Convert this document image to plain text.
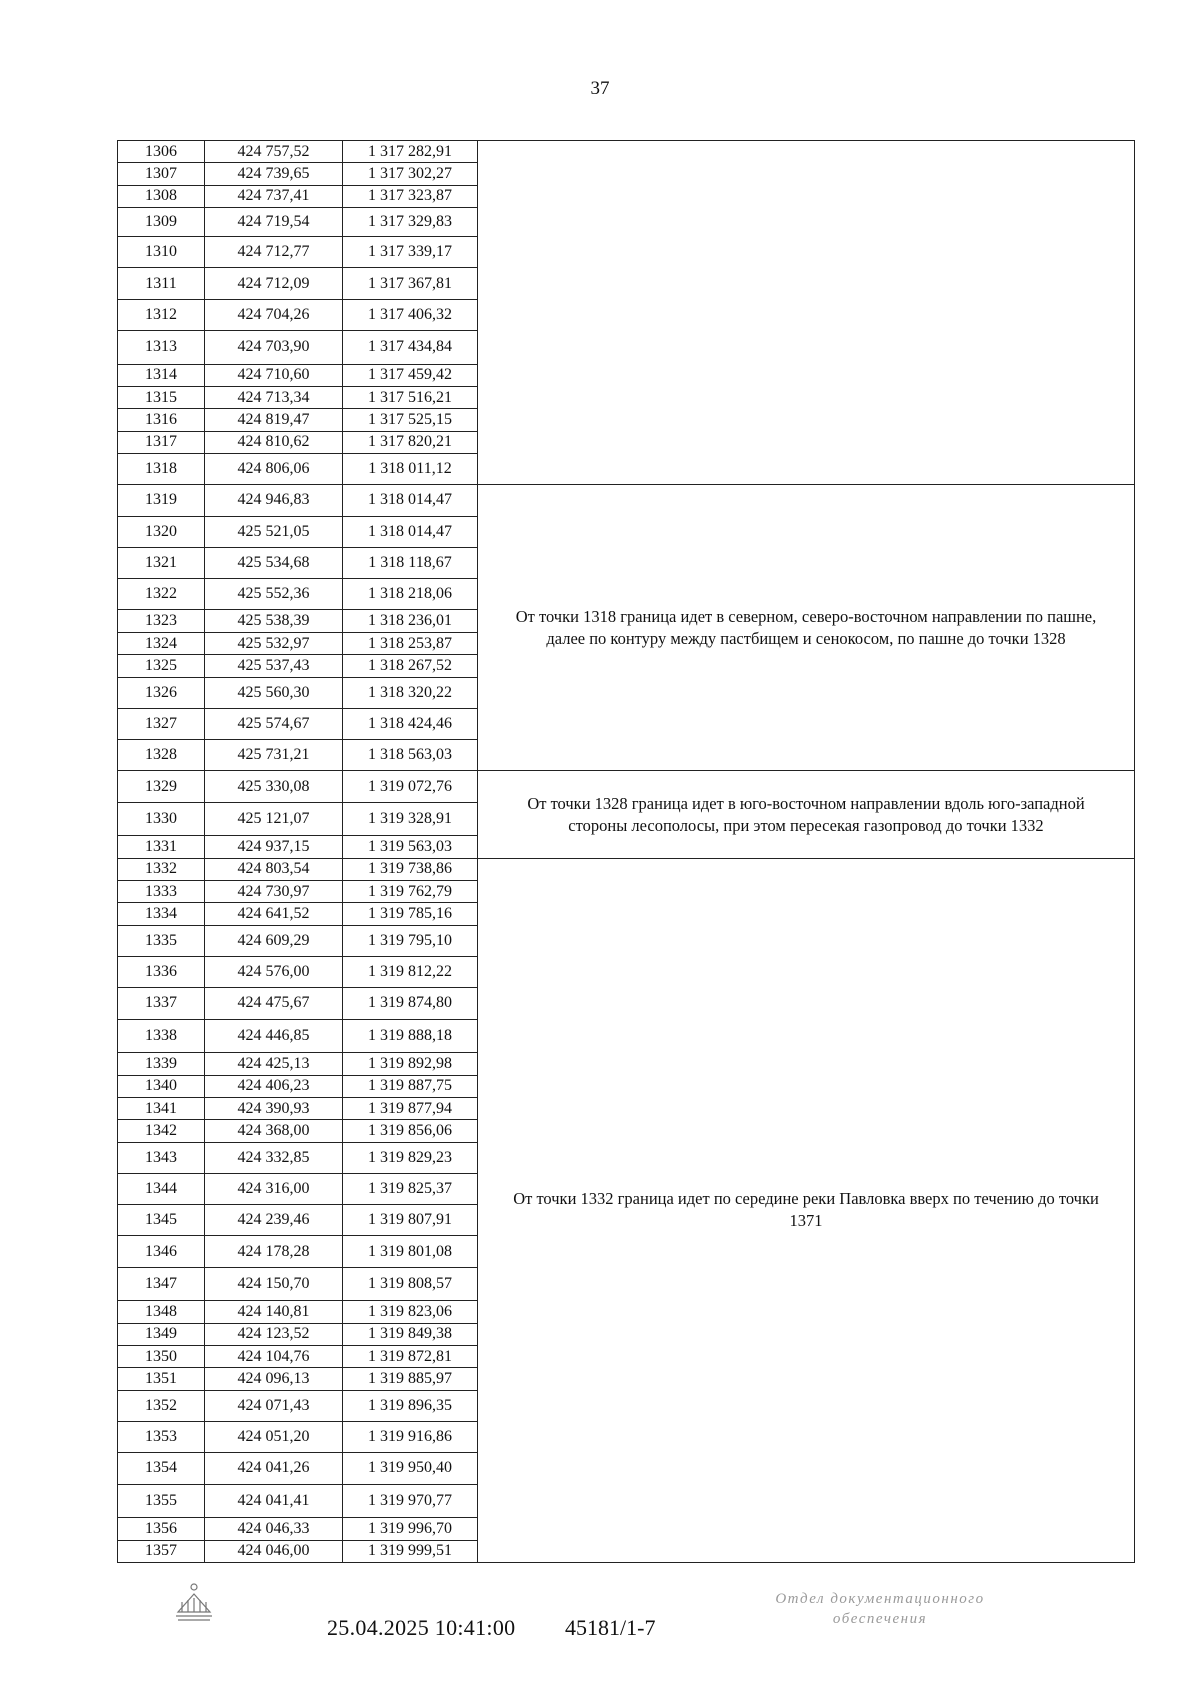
37
1306	424 757,52	1 317 282,91	

1307	424 739,65	1 317 302,27	
1308	424 737,41	1 317 323,87	
1309	424 719,54	1 317 329,83	
1310	424 712,77	1 317 339,17	
1311	424 712,09	1 317 367,81	
1312	424 704,26	1 317 406,32	
1313	424 703,90	1 317 434,84	
1314	424 710,60	1 317 459,42	
1315	424 713,34	1 317 516,21	
1316	424 819,47	1 317 525,15	
1317	424 810,62	1 317 820,21	
1318	424 806,06	1 318 011,12	
1319	424 946,83	1 318 014,47	От точки 1318 граница идет в северном, северо-восточном направлении по пашне, далее по контуру между пастбищем и сенокосом, по пашне до точки 1328

1320	425 521,05	1 318 014,47	
1321	425 534,68	1 318 118,67	
1322	425 552,36	1 318 218,06	
1323	425 538,39	1 318 236,01	
1324	425 532,97	1 318 253,87	
1325	425 537,43	1 318 267,52	
1326	425 560,30	1 318 320,22	
1327	425 574,67	1 318 424,46	
1328	425 731,21	1 318 563,03	
1329	425 330,08	1 319 072,76	От точки 1328 граница идет в юго-восточном направлении вдоль юго-западной стороны лесополосы, при этом пересекая газопровод до точки 1332

1330	425 121,07	1 319 328,91	
1331	424 937,15	1 319 563,03	
1332	424 803,54	1 319 738,86	От точки 1332 граница идет по середине реки Павловка вверх по течению до точки 1371

1333	424 730,97	1 319 762,79	
1334	424 641,52	1 319 785,16	
1335	424 609,29	1 319 795,10	
1336	424 576,00	1 319 812,22	
1337	424 475,67	1 319 874,80	
1338	424 446,85	1 319 888,18	
1339	424 425,13	1 319 892,98	
1340	424 406,23	1 319 887,75	
1341	424 390,93	1 319 877,94	
1342	424 368,00	1 319 856,06	
1343	424 332,85	1 319 829,23	
1344	424 316,00	1 319 825,37	
1345	424 239,46	1 319 807,91	
1346	424 178,28	1 319 801,08	
1347	424 150,70	1 319 808,57	
1348	424 140,81	1 319 823,06	
1349	424 123,52	1 319 849,38	
1350	424 104,76	1 319 872,81	
1351	424 096,13	1 319 885,97	
1352	424 071,43	1 319 896,35	
1353	424 051,20	1 319 916,86	
1354	424 041,26	1 319 950,40	
1355	424 041,41	1 319 970,77	
1356	424 046,33	1 319 996,70	
1357	424 046,00	1 319 999,51	
25.04.2025 10:41:00 45181/1-7
Отдел документационного
обеспечения
